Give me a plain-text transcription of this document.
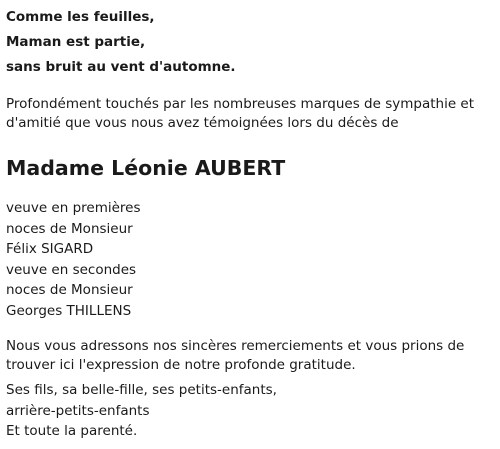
Comme les feuilles,
Maman est partie,
sans bruit au vent d'automne.
Profondément touchés par les nombreuses marques de sympathie et d'amitié que vous nous avez témoignées lors du décès de
Madame Léonie AUBERT
veuve en premières
noces de Monsieur
Félix SIGARD
veuve en secondes
noces de Monsieur
Georges THILLENS
Nous vous adressons nos sincères remerciements et vous prions de trouver ici l'expression de notre profonde gratitude.
Ses fils, sa belle-fille, ses petits-enfants,
arrière-petits-enfants
Et toute la parenté.
